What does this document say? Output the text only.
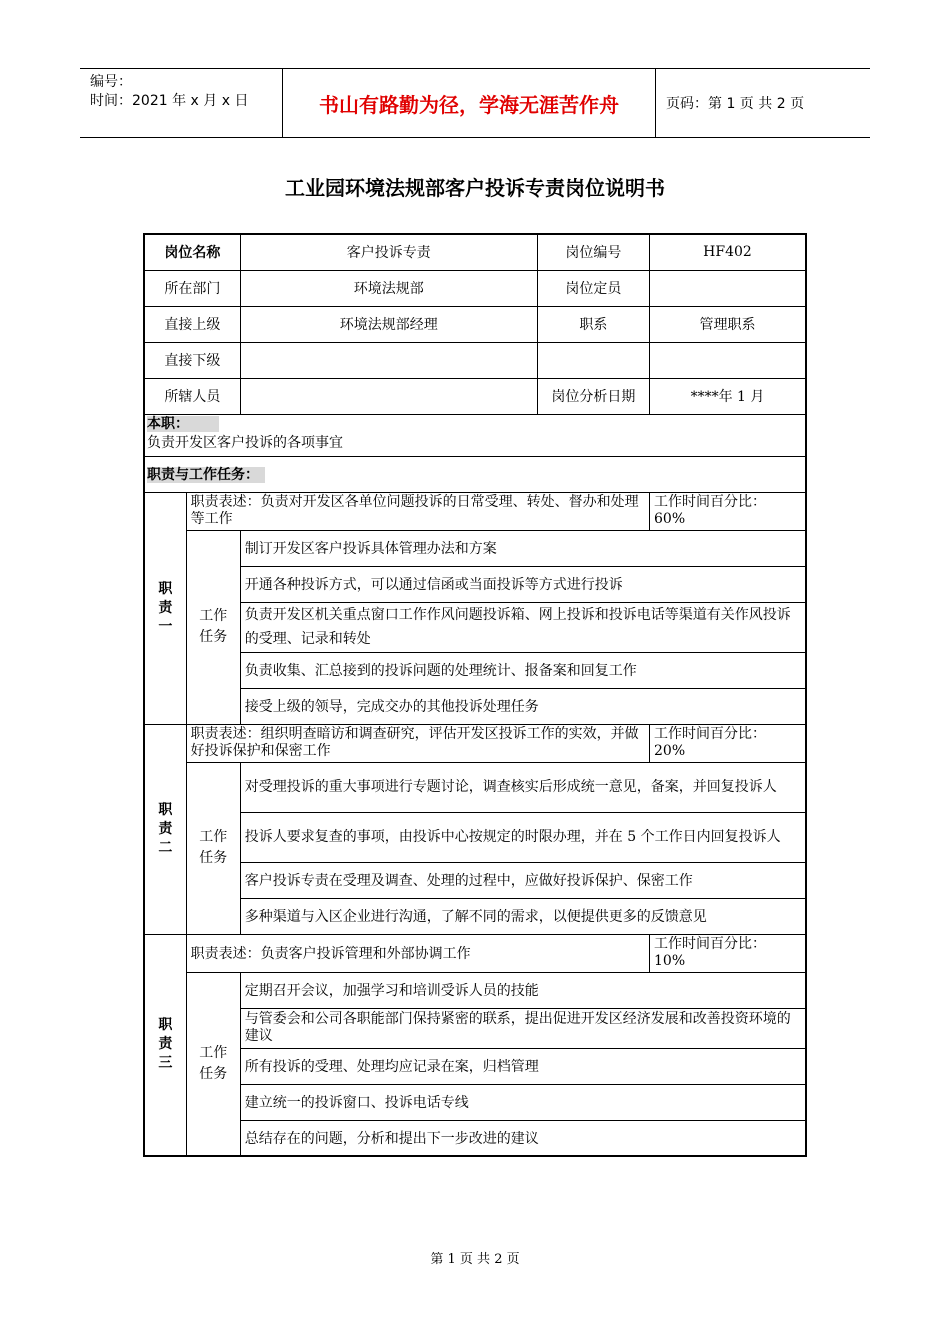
编号：
时间：2021 年 x 月 x 日	书山有路勤为径，学海无涯苦作舟	页码：第 1 页 共 2 页
工业园环境法规部客户投诉专责岗位说明书
岗位名称		客户投诉专责	岗位编号	HF402
所在部门		环境法规部	岗位定员	
直接上级		环境法规部经理	职系	管理职系
直接下级				
所辖人员			岗位分析日期	****年 1 月
本职：
负责开发区客户投诉的各项事宜				
职责与工作任务：				
职
责
一	职责表述：负责对开发区各单位问题投诉的日常受理、转处、督办和处理等工作			工作时间百分比：
60%
	工作
任务	制订开发区客户投诉具体管理办法和方案		
		开通各种投诉方式，可以通过信函或当面投诉等方式进行投诉		
		负责开发区机关重点窗口工作作风问题投诉箱、网上投诉和投诉电话等渠道有关作风投诉的受理、记录和转处		
		负责收集、汇总接到的投诉问题的处理统计、报备案和回复工作		
		接受上级的领导，完成交办的其他投诉处理任务		
职
责
二	职责表述：组织明查暗访和调查研究，评估开发区投诉工作的实效，并做好投诉保护和保密工作			工作时间百分比：
20%
	工作
任务	对受理投诉的重大事项进行专题讨论，调查核实后形成统一意见，备案，并回复投诉人		
		投诉人要求复查的事项，由投诉中心按规定的时限办理，并在 5 个工作日内回复投诉人		
		客户投诉专责在受理及调查、处理的过程中，应做好投诉保护、保密工作		
		多种渠道与入区企业进行沟通，了解不同的需求，以便提供更多的反馈意见		
职
责
三	职责表述：负责客户投诉管理和外部协调工作			工作时间百分比：
10%
	工作
任务	定期召开会议，加强学习和培训受诉人员的技能		
		与管委会和公司各职能部门保持紧密的联系，提出促进开发区经济发展和改善投资环境的建议		
		所有投诉的受理、处理均应记录在案，归档管理		
		建立统一的投诉窗口、投诉电话专线		
		总结存在的问题，分析和提出下一步改进的建议		
第 1 页 共 2 页
